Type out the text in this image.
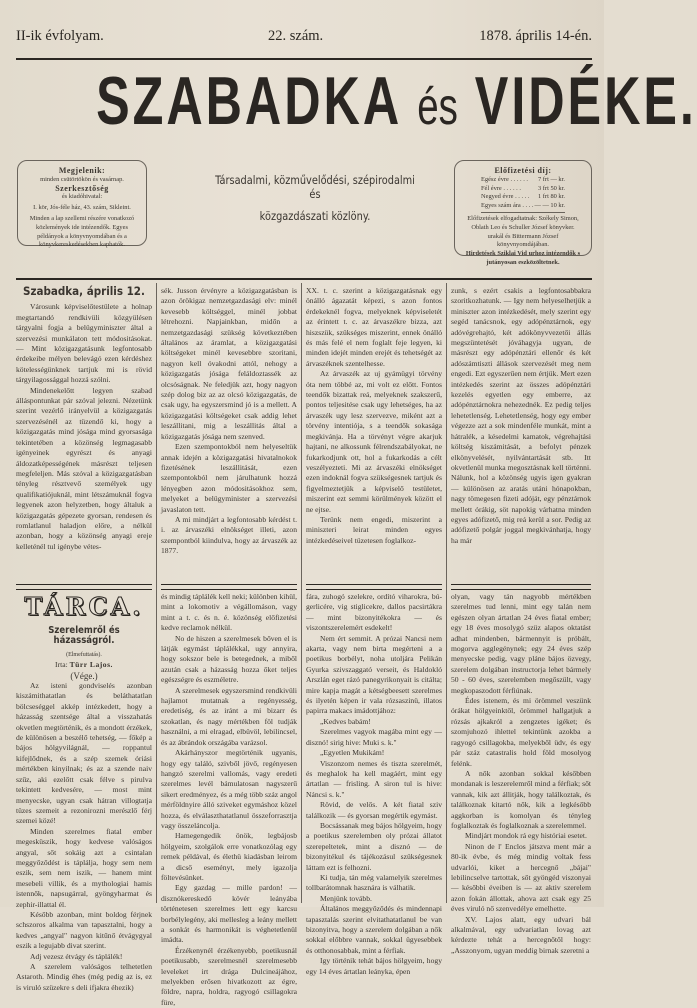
II-ik évfolyam.	22. szám.	1878. április 14-én.
SZABADKA és VIDÉKE.
Megjelenik:
minden csütörtökön és vasárnap.
Szerkesztőség
és kiadóhivatal:
I. kör, Jós-féle ház, 43. szám, Sikleint.
Minden a lap szellemi részére vonatkozó közlemények ide intézendők. Egyes példányok a könyvnyomdában és a könyvkereskedésekben kaphatók.
Társadalmi, közművelődési, szépirodalmi és
közgazdászati közlöny.
Előfizetési díj:
Egész évre . . . . . . 7 frt — kr.
Fél évre . . . . . .	3 frt 50 kr.
Negyed évre . . . . . 1 frt 80 kr.
Egyes szám ára . . . . — — 10 kr.
Előfizetések elfogadtatnak: Székely Simon, Oblath Leo és Schuller József könyvker. urakál és Bittermann József könyvnyomdájában.
Hirdetések Sziklai Vid urhoz intézendők s jutányosan eszközöltetnek.
Szabadka, április 12.

Városunk képviselőtestülete a holnap megtartandó rendkivüli közgyülésen tárgyalni fogja a belügyminiszter által a szervezési munkálaton tett módositásokat. — Mint közigazgatásunk legfontosabb érdekeibe mélyen belevágó ezen kérdéshez kötelességünknek tartjuk mi is rövid tárgyilagossággal hozzá szólni.

Mindenekelőtt legyen szabad álláspontunkat pár szóval jelezni. Nézetünk szerint vezérlő irányelvül a közigazgatás szervezésénél az tüzendő ki, hogy a közigazgatás mind jósága mind gyorsasága tekintetében a közönség legmagasabb igényeinek egyrészt és anyagi áldozatképességének másrészt teljesen megfeleljen. Más szóval a közigazgatásban tényleg résztvevő személyek ugy qualifikatiójuknál, mint létszámuknál fogva legyenek azon helyzetben, hogy általuk a közigazgatás gépezete gyorsan, rendesen és romlatlanul haladjon előre, a nélkül azonban, hogy a közönség anyagi ereje kelleténél tul igénybe vétes-

sék. Jusson érvényre a közigazgatásban is azon örökigaz nemzetgazdasági elv: minél kevesebb költséggel, minél jobbat létrehozni. Napjainkban, midőn a nemzetgazdasági szükség következtében általános az áramlat, a közigazgatási költségeket minél kevesebbre szoritani, nagyon kell óvakodni attól, nehogy a közigazgatás jósága feláldoztassék az olcsóságnak. Ne feledjük azt, hogy nagyon szép dolog biz az az olcsó közigazgatás, de csak ugy, ha egyszersmind jó is a mellett. A közigazgatási költségeket csak addig lehet leszállitani, mig a leszállitás által a közigazgatás jósága nem szenved.

Ezen szempontokból nem helyeseltük annak idején a közigazgatási hivatalnokok fizetésének leszállitását, ezen szempontokból nem járulhatunk hozzá lényegben azon módositásokhoz sem, melyeket a belügyminister a szervezési javaslaton tett.

A mi mindjárt a legfontosabb kérdést t. i. az árvaszéki elnökséget illeti, azon szempontból kiindulva, hogy az árvaszék az 1877.

XX. t. c. szerint a közigazgatásnak egy önálló ágazatát képezi, s azon fontos érdekeknél fogva, melyeknek képviseletét az érintett t. c. az árvaszékre bizza, azt hiszszük, szükséges miszerint, ennek önálló és más felé el nem foglalt feje legyen, ki minden idejét minden erejét és tehetségét az árvaszéknek szentelhesse.

Az árvaszék az uj gyámügyi törvény óta nem többé az, mi volt ez előtt. Fontos teendők bizattak reá, melyeknek szakszerű, pontos teljesitése csak ugy lehetséges, ha az árvaszék ugy lesz szervezve, miként azt a törvény intentiója, s a teendők sokasága megkivánja. Ha a törvényt végre akarjuk hajtani, ne alkossunk félrendszabályokat, ne fukarkodjunk ott, hol a fukarkodás a célt veszélyezteti. Mi az árvaszéki elnökséget ezen indoknál fogva szükségesnek tartjuk és figyelmeztetjük a képviselő testületet, miszerint ezt semmi körülmények között el ne ejtse.

Terünk nem engedi, miszerint a miniszteri leirat minden egyes intézkedéseivel tüzetesen foglalkoz-

zunk, s ezért csakis a legfontosabbakra szoritkozhatunk. — Igy nem helyeselhetjük a miniszter azon intézkedését, mely szerint egy segéd tanácsnok, egy adópénztárnok, egy adóvégrehajtó, két adókönyvvezetői állás megszüntetését jóváhagyja ugyan, de másrészt egy adópénztári ellenőr és két adószámtiszti állások szervezését meg nem engedi. Ezt egyszerűen nem értjük. Mert ezen intézkedés szerint az összes adópénztári kezelés egyetlen egy emberre, az adópénztárnokra nehezednék. Ez pedig teljes lehetetlenség. Lehetetlenség, hogy egy ember végezze azt a sok mindenféle munkát, mint a hátralék, a késedelmi kamatok, végrehajtási költség kiszámitását, a befolyt pénzek elkönyvelését, nyilvántartását stb. Itt okvetlenül munka megosztásnak kell történni. Nálunk, hol a közönség ugyis igen gyakran — különösen az aratás utáni hónapokban, nagy tömegesen fizeti adóját, egy pénztárnok mellett órákig, söt napokig várhatna minden egyes adófizető, mig reá kerül a sor. Pedig az adófizető polgár joggal megkivánhatja, hogy ha már

TÁRCA.
Szerelemről és házasságról.

(Elmefuttatás).

Irta: Türr Lajos.

(Vége.)

Az isteni gondviselés azonban kiszámithatatlan és beláthatatlan bölcseséggel akkép intézkedett, hogy a házasság szentsége által a visszahatás okvetlen megtörténik, és a mondott érzékek, de különösen a beszélő tehetség, — főkép a bájos hölgyvilágnál, — roppantul kifejlődnek, és a szép szemek óriási mértékben kinyilnak; és az a szende naiv szűz, aki ezelőtt csak félve s pirulva tekintett kedvesére, — most mint menyecske, ugyan csak hátran villogtatja tüzes szemeit a rezonirozni merészlő férj szemei közé!

Minden szerelmes fiatal ember megesküszik, hogy kedvese valóságos angyal, sőt sokáig azt a csintalan meggyőződést is táplálja, hogy sem nem eszik, sem nem iszik, — hanem mint mesebeli villik, és a mythologiai hamis istennők, napsugárral, gyöngyharmat és zephir-illattal él.

Később azonban, mint boldog férjnek schszoros alkalma van tapasztalni, hogy a kedves „angyal" nagyon kitűnő étvágygyal eszik a legujabb divat szerint.

Adj vezesz étvágy és táplálék!

A szerelem valóságos telhetetlen Astaroth. Mindig éhes (még pedig az is, ez is viruló szüzekre s deli ifjakra éhezik)

és mindig táplálék kell neki; különben kihül, mint a lokomotiv a végállomáson, vagy mint a t. c. és n. é. közönség előfizetési kedve reclamok nélkül.

No de hiszen a szerelmesek bőven el is látják egymást táplálékkal, ugy annyira, hogy sokszor bele is betegednek, a miből azután csak a házasság hozza őket teljes egészségre és eszméletre.

A szerelmesek egyszersmind rendkivüli hajlamot mutatnak a regényesség, eredetiség, és az iránt a mi bizarr és szokatlan, és nagy mértékben föl tudják használni, a mi elragad, elbüvöl, lebilincsel, és az ábrándok országába varázsol.

Akárhányszor megtörténik ugyanis, hogy egy találó, szivből jövő, regényesen hangzó szerelmi vallomás, vagy eredeti szerelmes levél bámulatosan nagyszerű sikert eredményez, és a még több száz angol mérföldnyire álló sziveket egymáshoz közel hozza, és elválaszthatatlanul összeforrasztja vagy összeláncolja.

Hamegengedik önök, legbájosb hölgyeim, szolgálok erre vonatkozólag egy remek példával, és élethü kiadásban leirom a dicső eseményt, mely igazolja föltevésünket.

Egy gazdag — mille pardon! — disznókereskedő kövér leányába történetesen szerelmes lett egy karcsu borbélylegény, aki mellesleg a leány mellett a sonkát és harmonikát is véghetetlenül imádta.

Érzékenynél érzékenyebb, poetikusnál poetikusabb, szerelmesnél szerelmesebb leveleket irt drága Dulcineájához, melyekben erősen hivatkozott az égre, földre, napra, holdra, ragyogó csillagokra füre,

fára, zuhogó szelekre, ordító viharokra, bú- gerlicére, vig stiglicekre, dallos pacsirtákra — mint bizonyitékokra — és viszontszerelemért esdekelt!

Nem ért semmit. A prózai Nancsi nem akarta, vagy nem birta megérteni a a poetikus borbélyt, noha utoljára Pelikán Gyurka szivszaggató verseit, és Haldokló Arszlán eget rázó panegyrikonyait is citálta; mire kapja magát a kétségbeesett szerelmes és ilyetén képen ir vala rózsaszinü, illatos papirra makacs imádottjához:

„Kedves babám!

Szerelmes vagyok magába mint egy — disznó! sirig hive: Muki s. k."

„Egyetlen Mukikám!

Viszonzom nemes és tiszta szerelmét, és meghalok ha kell magáért, mint egy ártatlan — frisling. A siron tul is hive: Náncsi s. k."

Rövid, de velős. A két fiatal sziv találkozik — és gyorsan megértik egymást.

Bocsássanak meg bájos hölgyeim, hogy a poetikus szerelemben oly prózai állatot szerepeltetek, mint a disznó — de bizonyitékul és tájékozásul szükségesnek láttam ezt is felhozni.

Ki tudja, tán még valamelyik szerelmes tollbarátomnak hasznára is válhatik.

Menjünk tovább.

Általános meggyőződés és mindennapi tapasztalás szerint elvitathatatlanul be van bizonyitva, hogy a szerelem dolgában a nők sokkal előbbre vannak, sokkal ügyesebbek és otthonosabbak, mint a férfiak.

Igy történik tehát bájos hölgyeim, hogy egy 14 éves ártatlan leányka, épen

olyan, vagy tán nagyobb mértékben szerelmes tud lenni, mint egy talán nem egészen olyan ártatlan 24 éves fiatal ember; egy 18 éves mosolygó szüz alapos oktatást adhat mindenben, bármennyit is próbált, mogorva agglegénynek; egy 24 éves szép menyecske pedig, vagy pláne bájos özvegy, szerelem dolgában instructorja lehet bármely 50 - 60 éves, szerelemben megőszült, vagy megkopaszodott férfiúnak.

Édes istenem, és mi örömmel veszünk órákat hölgyeinktől, örömmel hallgatjuk a rózsás ajkakról a zengzetes igéket; és szomjuhozó ihlettel tekintünk azokba a ragyogó csillagokba, melyekből üdv, és egy pár száz catastralis hold föld mosolyog felénk.

A nők azonban sokkal későbben mondanak is leszerelemről mind a férfiak; sőt vannak, kik azt állitják, hogy találkoztak, és találkoznak kitartó nők, kik a legkésőbb aggkorban is komolyan és tényleg foglalkoztak és foglalkoznak a szerelemmel.

Mindjárt mondok rá egy históriai esetet.

Ninon de l' Enclos játszva ment már a 80-ik évbe, és még mindig voltak fess udvarlói, kiket a hercegnő „bájai" lebilincselve tartottak, sőt gyöngéd viszonyai — későbbi éveiben is — az aktiv szerelem azon fokán állottak, ahova azt csak egy 25 éves viruló nő szenvedélye emelhette.

XV. Lajos alatt, egy udvari bál alkalmával, egy udvariatlan lovag azt kérdezte tehát a hercegnőtől hogy: „Asszonyom, ugyan meddig birnak szeretni a
